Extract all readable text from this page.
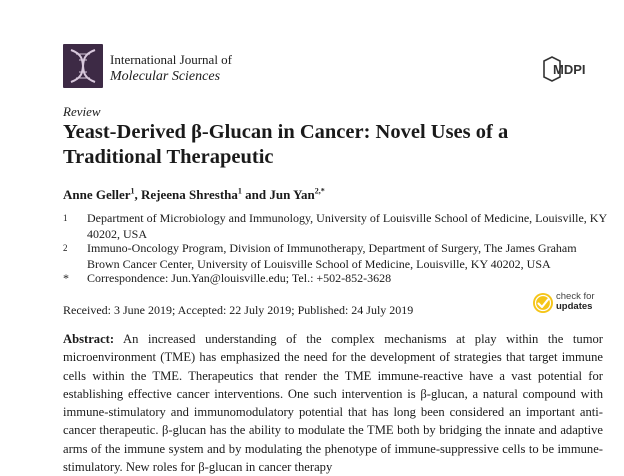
International Journal of
Molecular Sciences	MDPI
Review
Yeast-Derived β-Glucan in Cancer: Novel Uses of a Traditional Therapeutic
Anne Geller$^1$, Rejeena Shrestha$^1$ and Jun Yan$^{2,*}$
1	Department of Microbiology and Immunology, University of Louisville School of Medicine, Louisville, KY 40202, USA
2	Immuno-Oncology Program, Division of Immunotherapy, Department of Surgery, The James Graham Brown Cancer Center, University of Louisville School of Medicine, Louisville, KY 40202, USA
*	Correspondence: Jun.Yan@louisville.edu; Tel.: +502-852-3628
Received: 3 June 2019; Accepted: 22 July 2019; Published: 24 July 2019
check for
updates
Abstract: An increased understanding of the complex mechanisms at play within the tumor microenvironment (TME) has emphasized the need for the development of strategies that target immune cells within the TME. Therapeutics that render the TME immune-reactive have a vast potential for establishing effective cancer interventions. One such intervention is β-glucan, a natural compound with immune-stimulatory and immunomodulatory potential that has long been considered an important anti-cancer therapeutic. β-glucan has the ability to modulate the TME both by bridging the innate and adaptive arms of the immune system and by modulating the phenotype of immune-suppressive cells to be immune-stimulatory. New roles for β-glucan in cancer therapy
